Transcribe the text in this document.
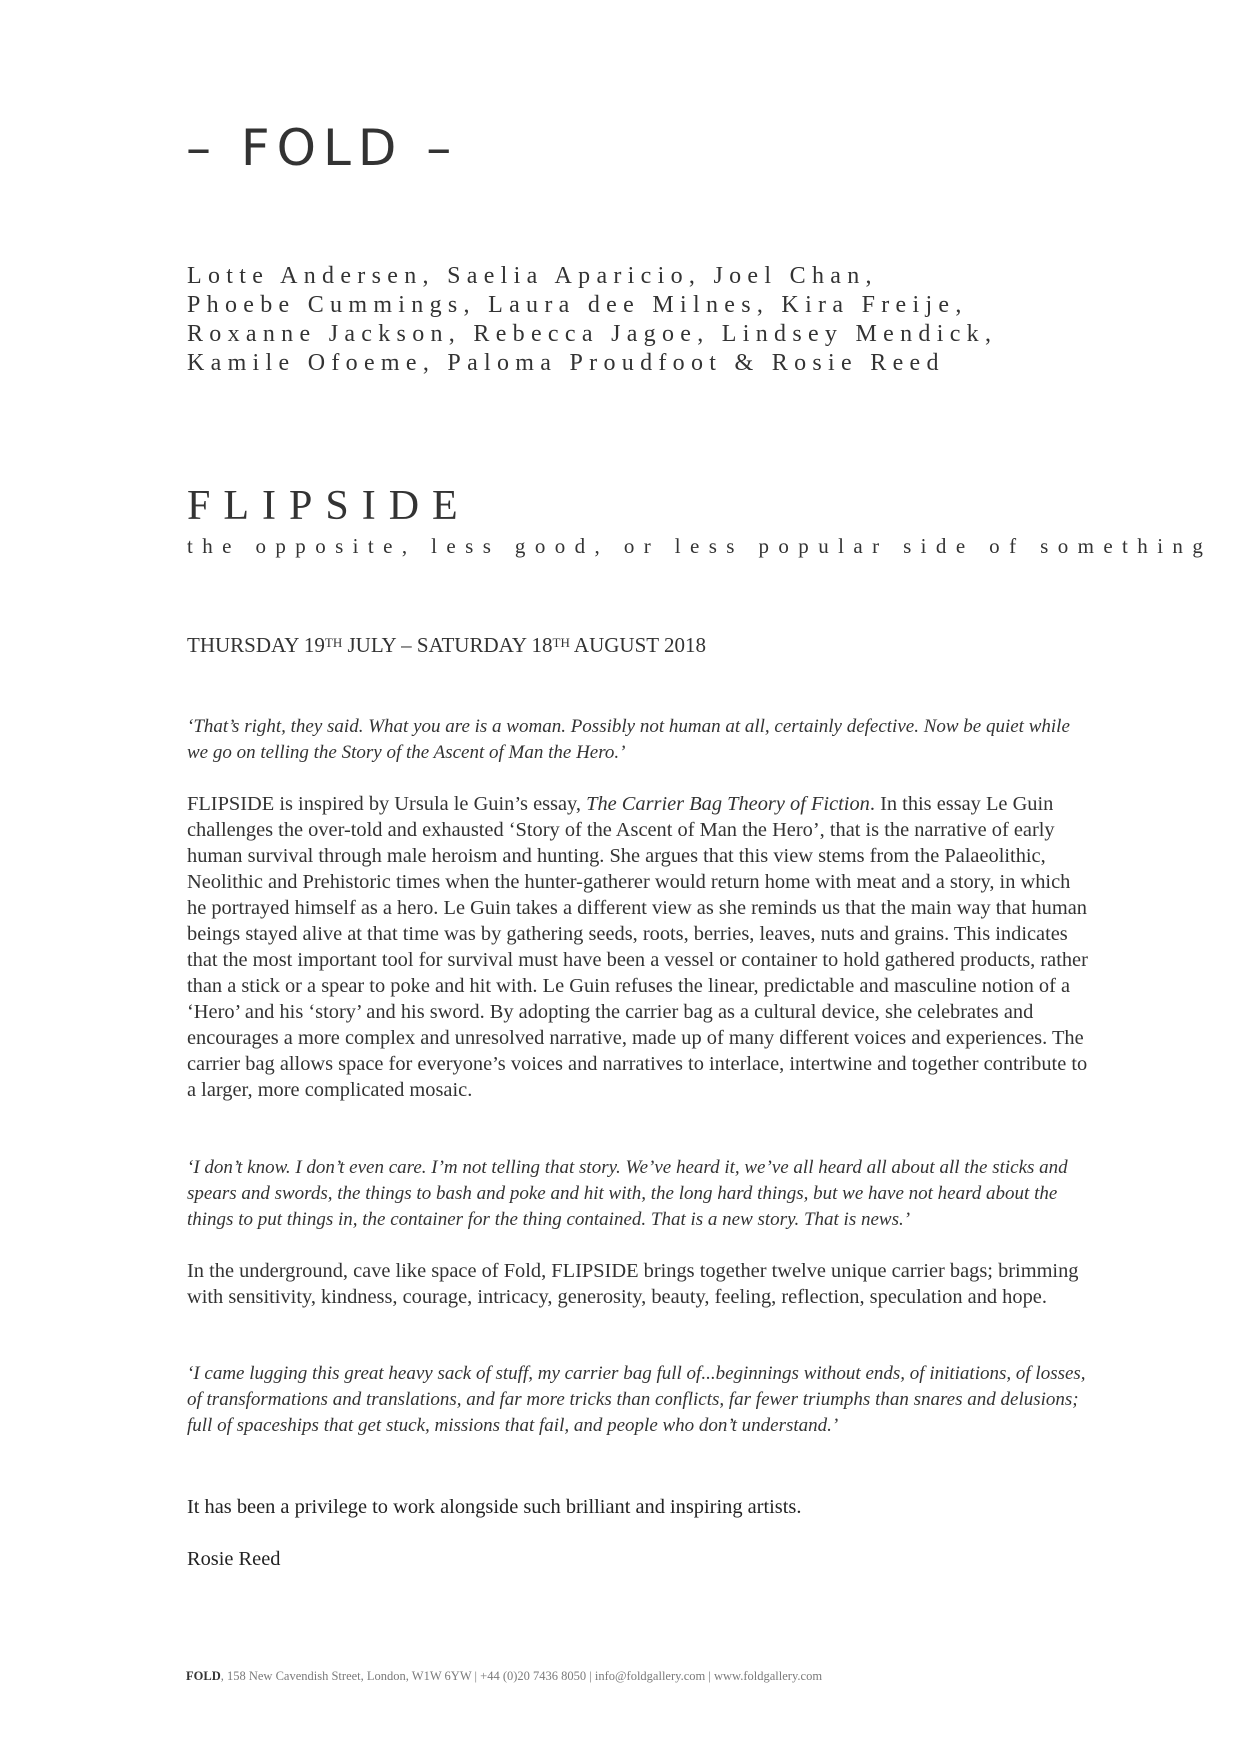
– FOLD –
Lotte Andersen, Saelia Aparicio, Joel Chan,
Phoebe Cummings, Laura dee Milnes, Kira Freije,
Roxanne Jackson, Rebecca Jagoe, Lindsey Mendick,
Kamile Ofoeme, Paloma Proudfoot & Rosie Reed
FLIPSIDE
the opposite, less good, or less popular side of something
THURSDAY 19TH JULY – SATURDAY 18TH AUGUST 2018
‘That’s right, they said. What you are is a woman. Possibly not human at all, certainly defective. Now be quiet while we go on telling the Story of the Ascent of Man the Hero.’
FLIPSIDE is inspired by Ursula le Guin’s essay, The Carrier Bag Theory of Fiction. In this essay Le Guin challenges the over-told and exhausted ‘Story of the Ascent of Man the Hero’, that is the narrative of early human survival through male heroism and hunting. She argues that this view stems from the Palaeolithic, Neolithic and Prehistoric times when the hunter-gatherer would return home with meat and a story, in which he portrayed himself as a hero. Le Guin takes a different view as she reminds us that the main way that human beings stayed alive at that time was by gathering seeds, roots, berries, leaves, nuts and grains. This indicates that the most important tool for survival must have been a vessel or container to hold gathered products, rather than a stick or a spear to poke and hit with. Le Guin refuses the linear, predictable and masculine notion of a ‘Hero’ and his ‘story’ and his sword. By adopting the carrier bag as a cultural device, she celebrates and encourages a more complex and unresolved narrative, made up of many different voices and experiences. The carrier bag allows space for everyone’s voices and narratives to interlace, intertwine and together contribute to a larger, more complicated mosaic.
‘I don’t know. I don’t even care. I’m not telling that story. We’ve heard it, we’ve all heard all about all the sticks and spears and swords, the things to bash and poke and hit with, the long hard things, but we have not heard about the things to put things in, the container for the thing contained. That is a new story. That is news.’
In the underground, cave like space of Fold, FLIPSIDE brings together twelve unique carrier bags; brimming with sensitivity, kindness, courage, intricacy, generosity, beauty, feeling, reflection, speculation and hope.
‘I came lugging this great heavy sack of stuff, my carrier bag full of...beginnings without ends, of initiations, of losses, of transformations and translations, and far more tricks than conflicts, far fewer triumphs than snares and delusions; full of spaceships that get stuck, missions that fail, and people who don’t understand.’
It has been a privilege to work alongside such brilliant and inspiring artists.
Rosie Reed
FOLD, 158 New Cavendish Street, London, W1W 6YW | +44 (0)20 7436 8050 | info@foldgallery.com | www.foldgallery.com
